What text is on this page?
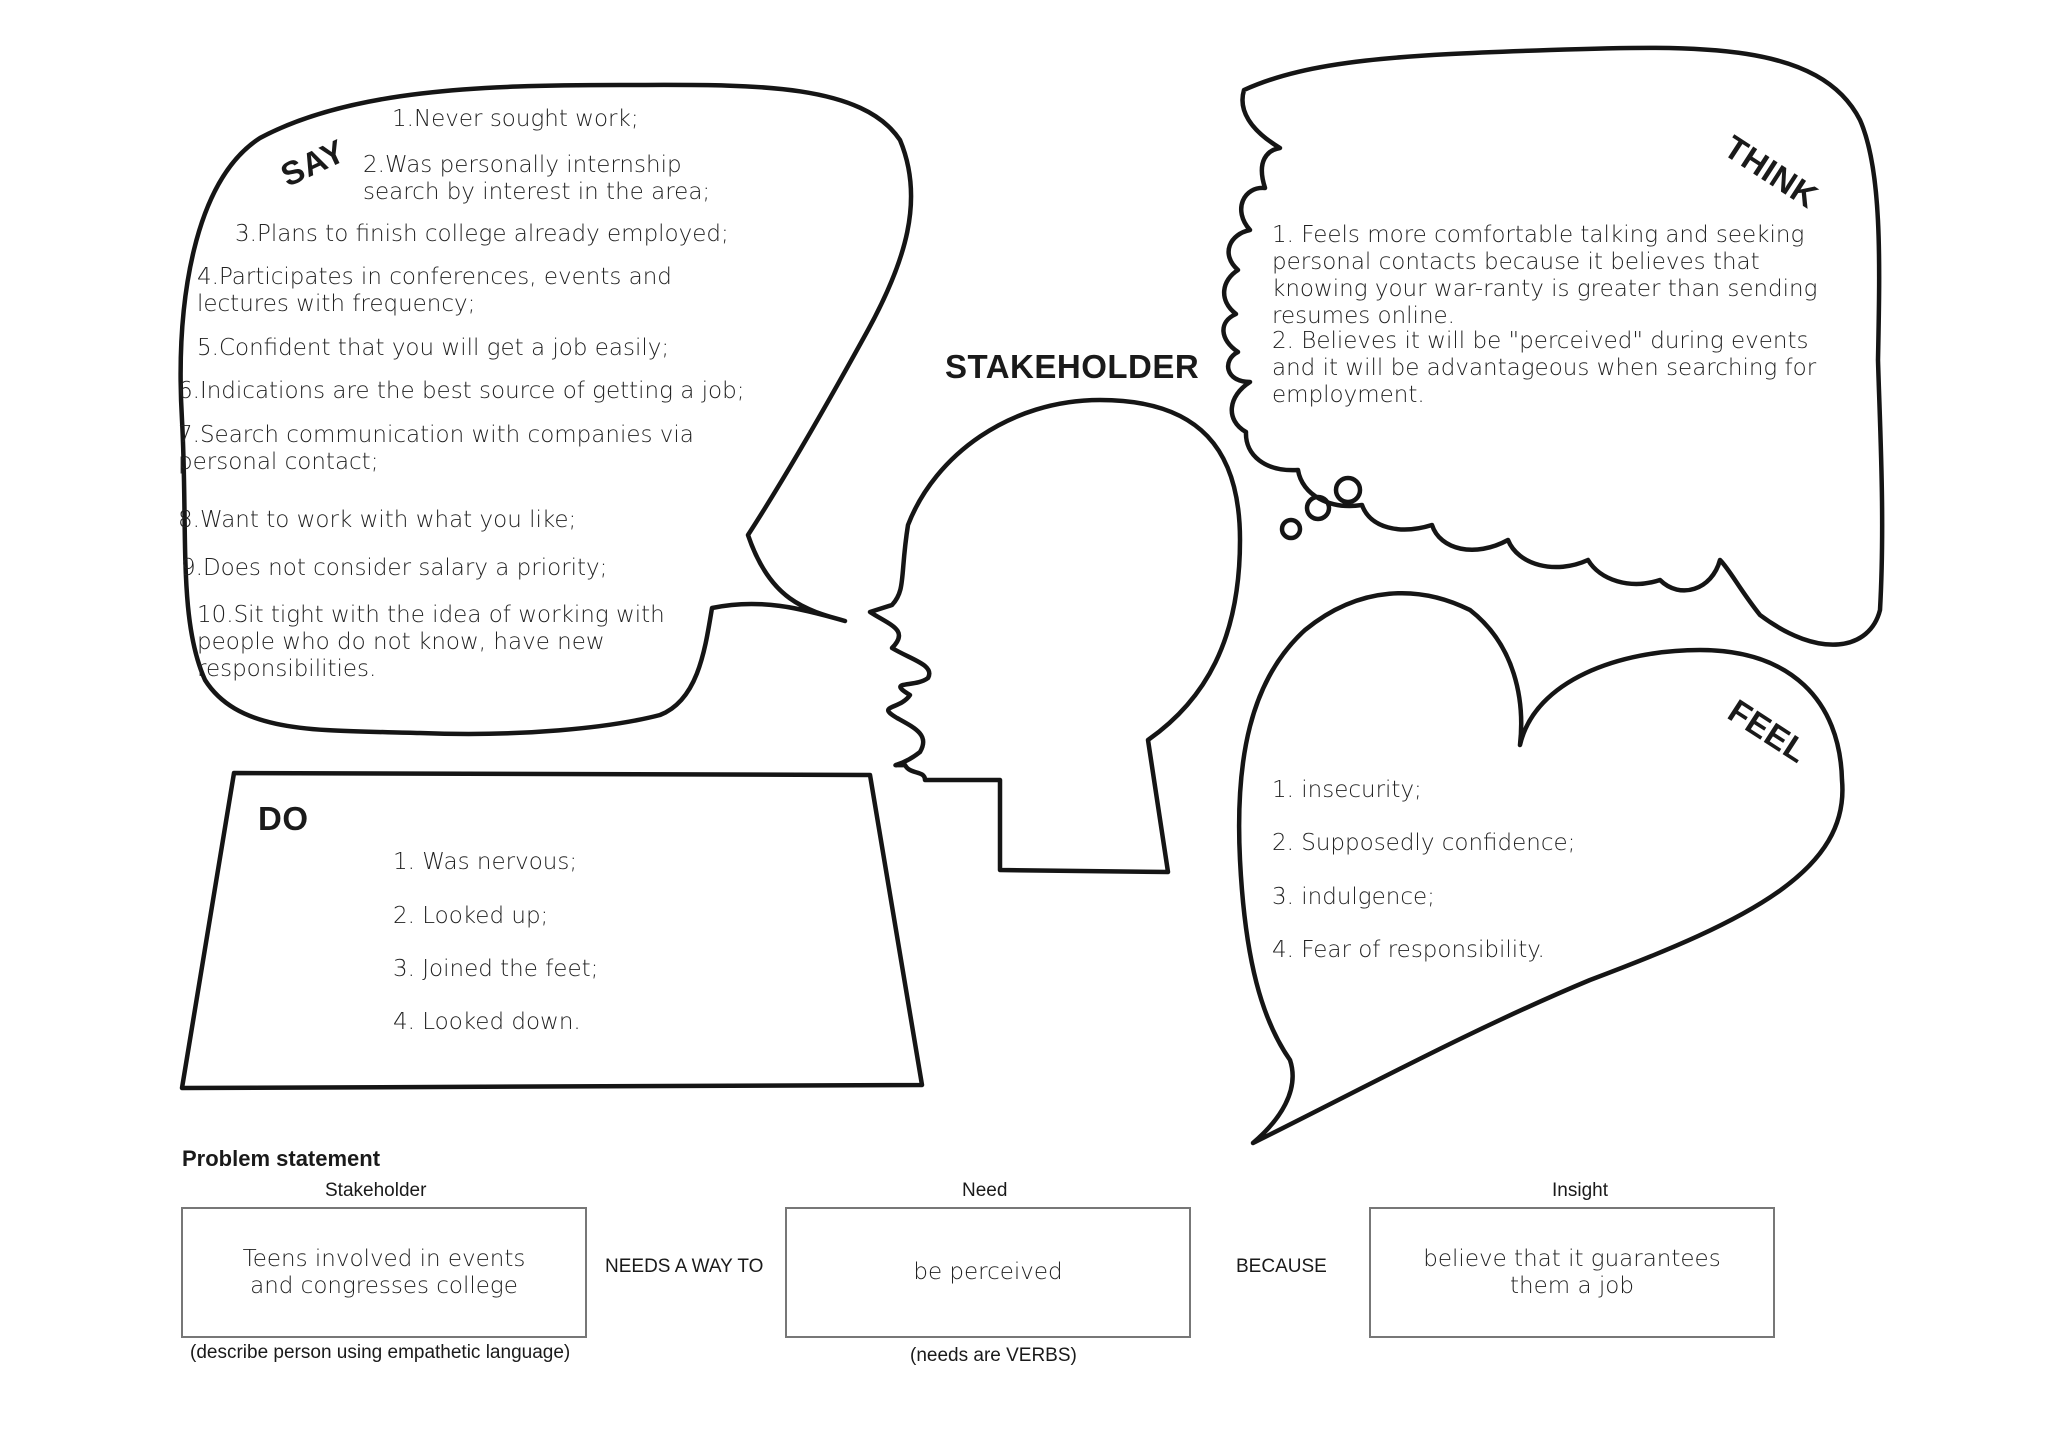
STAKEHOLDER
SAY
1.Never sought work;
2.Was personally internship search by interest in the area;
3.Plans to finish college already employed;
4.Participates in conferences, events and lectures with frequency;
5.Confident that you will get a job easily;
6.Indications are the best source of getting a job;
7.Search communication with companies via personal contact;
8.Want to work with what you like;
9.Does not consider salary a priority;
10.Sit tight with the idea of working with people who do not know, have new responsibilities.
THINK
1. Feels more comfortable talking and seeking personal contacts because it believes that knowing your war-ranty is greater than sending resumes online.
2. Believes it will be "perceived" during events and it will be advantageous when searching for employment.
FEEL
1. insecurity;
2. Supposedly confidence;
3. indulgence;
4. Fear of responsibility.
DO
1. Was nervous;
2. Looked up;
3. Joined the feet;
4. Looked down.
Problem statement
Stakeholder
Teens involved in events and congresses college
(describe person using empathetic language)
NEEDS A WAY TO
Need
be perceived
(needs are VERBS)
BECAUSE
Insight
believe that it guarantees them a job
